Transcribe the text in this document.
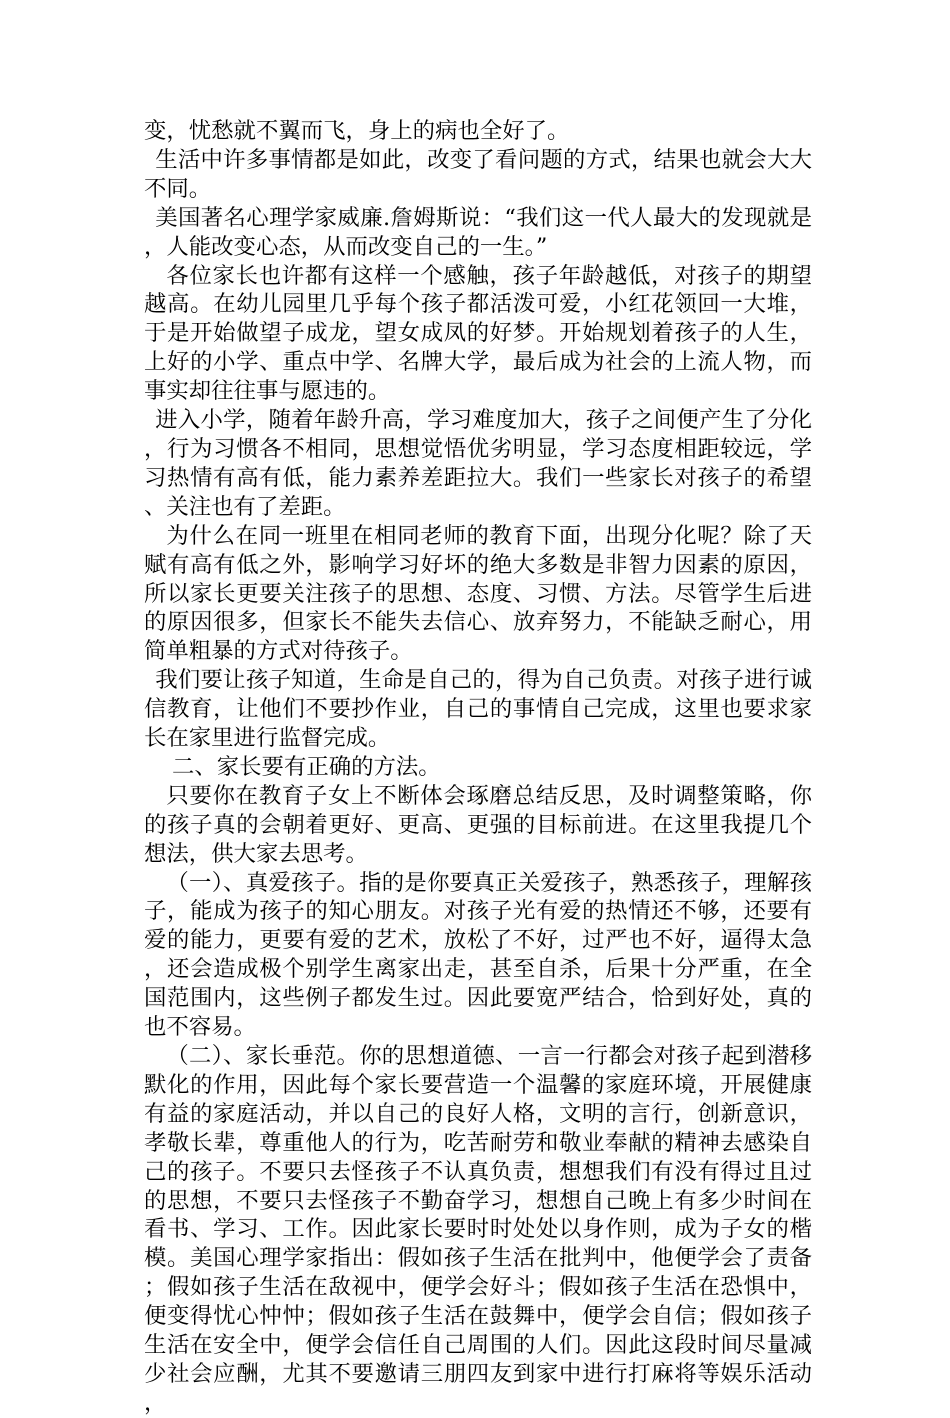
变，忧愁就不翼而飞，身上的病也全好了。

生活中许多事情都是如此，改变了看问题的方式，结果也就会大大不同。

美国著名心理学家威廉.詹姆斯说：“我们这一代人最大的发现就是，人能改变心态，从而改变自己的一生。”

各位家长也许都有这样一个感触，孩子年龄越低，对孩子的期望越高。在幼儿园里几乎每个孩子都活泼可爱，小红花领回一大堆，于是开始做望子成龙，望女成凤的好梦。开始规划着孩子的人生，上好的小学、重点中学、名牌大学，最后成为社会的上流人物，而事实却往往事与愿违的。

进入小学，随着年龄升高，学习难度加大，孩子之间便产生了分化，行为习惯各不相同，思想觉悟优劣明显，学习态度相距较远，学习热情有高有低，能力素养差距拉大。我们一些家长对孩子的希望、关注也有了差距。

为什么在同一班里在相同老师的教育下面，出现分化呢？除了天赋有高有低之外，影响学习好坏的绝大多数是非智力因素的原因，所以家长更要关注孩子的思想、态度、习惯、方法。尽管学生后进的原因很多，但家长不能失去信心、放弃努力，不能缺乏耐心，用简单粗暴的方式对待孩子。

我们要让孩子知道，生命是自己的，得为自己负责。对孩子进行诚信教育，让他们不要抄作业，自己的事情自己完成，这里也要求家长在家里进行监督完成。

二、家长要有正确的方法。

只要你在教育子女上不断体会琢磨总结反思，及时调整策略，你的孩子真的会朝着更好、更高、更强的目标前进。在这里我提几个想法，供大家去思考。

（一）、真爱孩子。指的是你要真正关爱孩子，熟悉孩子，理解孩子，能成为孩子的知心朋友。对孩子光有爱的热情还不够，还要有爱的能力，更要有爱的艺术，放松了不好，过严也不好，逼得太急，还会造成极个别学生离家出走，甚至自杀，后果十分严重，在全国范围内，这些例子都发生过。因此要宽严结合，恰到好处，真的也不容易。

（二）、家长垂范。你的思想道德、一言一行都会对孩子起到潜移默化的作用，因此每个家长要营造一个温馨的家庭环境，开展健康有益的家庭活动，并以自己的良好人格，文明的言行，创新意识，孝敬长辈，尊重他人的行为，吃苦耐劳和敬业奉献的精神去感染自己的孩子。不要只去怪孩子不认真负责，想想我们有没有得过且过的思想，不要只去怪孩子不勤奋学习，想想自己晚上有多少时间在看书、学习、工作。因此家长要时时处处以身作则，成为子女的楷模。美国心理学家指出：假如孩子生活在批判中，他便学会了责备；假如孩子生活在敌视中，便学会好斗；假如孩子生活在恐惧中，便变得忧心忡忡；假如孩子生活在鼓舞中，便学会自信；假如孩子生活在安全中，便学会信任自己周围的人们。因此这段时间尽量减少社会应酬，尤其不要邀请三朋四友到家中进行打麻将等娱乐活动，
